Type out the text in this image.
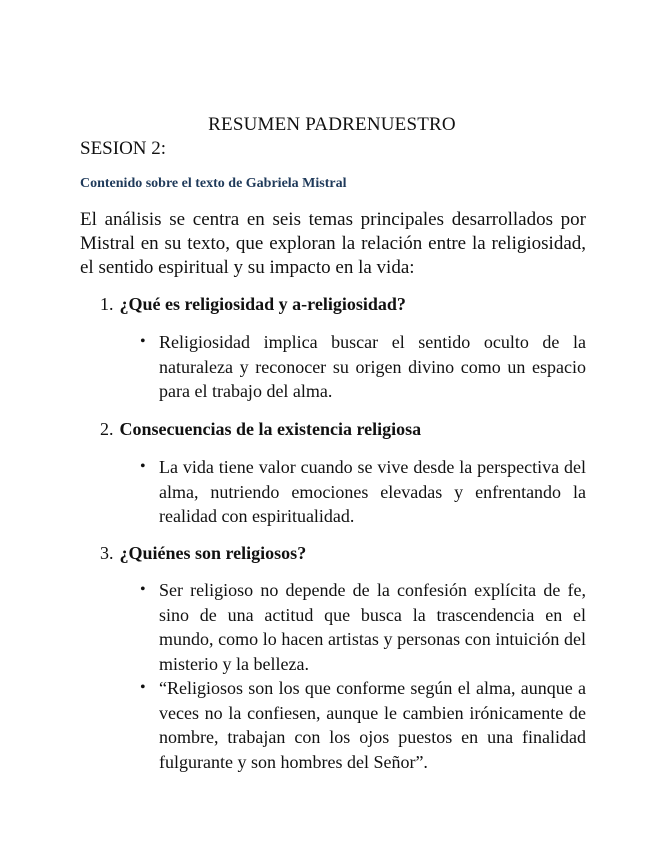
RESUMEN PADRENUESTRO
SESION 2:
Contenido sobre el texto de Gabriela Mistral
El análisis se centra en seis temas principales desarrollados por Mistral en su texto, que exploran la relación entre la religiosidad, el sentido espiritual y su impacto en la vida:
1. ¿Qué es religiosidad y a-religiosidad?
• Religiosidad implica buscar el sentido oculto de la naturaleza y reconocer su origen divino como un espacio para el trabajo del alma.
2. Consecuencias de la existencia religiosa
• La vida tiene valor cuando se vive desde la perspectiva del alma, nutriendo emociones elevadas y enfrentando la realidad con espiritualidad.
3. ¿Quiénes son religiosos?
• Ser religioso no depende de la confesión explícita de fe, sino de una actitud que busca la trascendencia en el mundo, como lo hacen artistas y personas con intuición del misterio y la belleza.
• “Religiosos son los que conforme según el alma, aunque a veces no la confiesen, aunque le cambien irónicamente de nombre, trabajan con los ojos puestos en una finalidad fulgurante y son hombres del Señor”.
